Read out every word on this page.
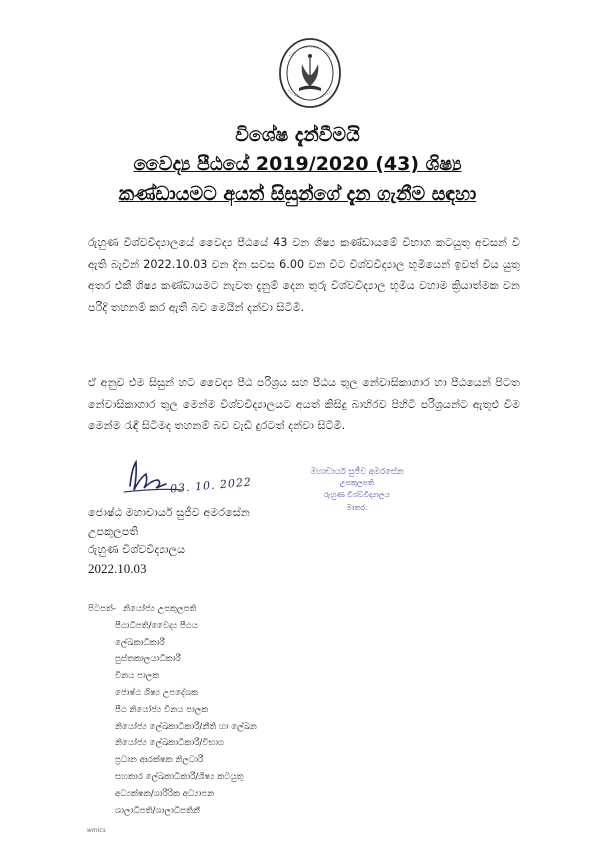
විශේෂ දැන්වීමයි
වෛද්‍ය පීඨයේ 2019/2020 (43) ශිෂ්‍ය
කණ්ඩායමට අයත් සිසුන්ගේ දැන ගැනීම සඳහා
රුහුණ විශ්වවිද්‍යාලයේ වෛද්‍ය පීඨයේ 43 වන ශිෂ්‍ය කණ්ඩායමේ විභාග කටයුතු අවසන් වී ඇති බැවින් 2022.10.03 වන දින සවස 6.00 වන විට විශ්වවිද්‍යාල භූමියෙන් ඉවත් විය යුතු අතර එකී ශිෂ්‍ය කණ්ඩායමට නැවත දැනුම් දෙන තුරු විශ්වවිද්‍යාල භූමිය වහාම ක්‍රියාත්මක වන පරිදි තහනම් කර ඇති බව මෙයින් දන්වා සිටිමි.
ඒ අනුව එම සිසුන් හට වෛද්‍ය පීඨ පරිශ්‍රය සහ පීඨය තුල නේවාසිකාගාර හා පීඨයෙන් පිටත නේවාසිකාගාර තුල මෙන්ම විශ්වවිද්‍යාලයට අයත් කිසිදු බාහිරව පිහිටි පරිශ්‍රයන්ට ඇතුළු වීම මෙන්ම රැඳී සිටීමද තහනම් බව වැඩි දුරටත් දන්වා සිටිමි.
03. 10. 2022
මහාචාර්ය සුජීව අමරසේන
උපකුලපති
රුහුණ විශ්වවිද්‍යාලය
මාතර.
ජොෂ්ඨ මහාචාර්ය සුජීව අමරසේන
උපකුලපති
රුහුණ විශ්වවිද්‍යාලය
2022.10.03
පිටපත්- නියෝජ්‍ය උපකුලපති
පීඨාධිපති/වෛද්‍ය පීඨය
ලේඛකාධිකාරී
පුස්තකාලයාධිකාරී
විනය පාලක
ජොෂ්ඨ ශිෂ්‍ය උපදේශක
පීඨ නියෝජ්‍ය විනය පාලක
නියෝජ්‍ය ලේඛකාධිකාරී/නීති හා ලේඛන
නියෝජ්‍ය ලේඛකාධිකාරී/විභාග
ප්‍රධාන ආරක්ෂක නිලධාරී
සහකාර ලේඛකාධිකාරී/ශිෂ්‍ය කටයුතු
අධ්‍යක්ෂක/ශාරීරික අධ්‍යාපන
ශාලාධිපති/ශාලාධිපතිනී
wmlcs
